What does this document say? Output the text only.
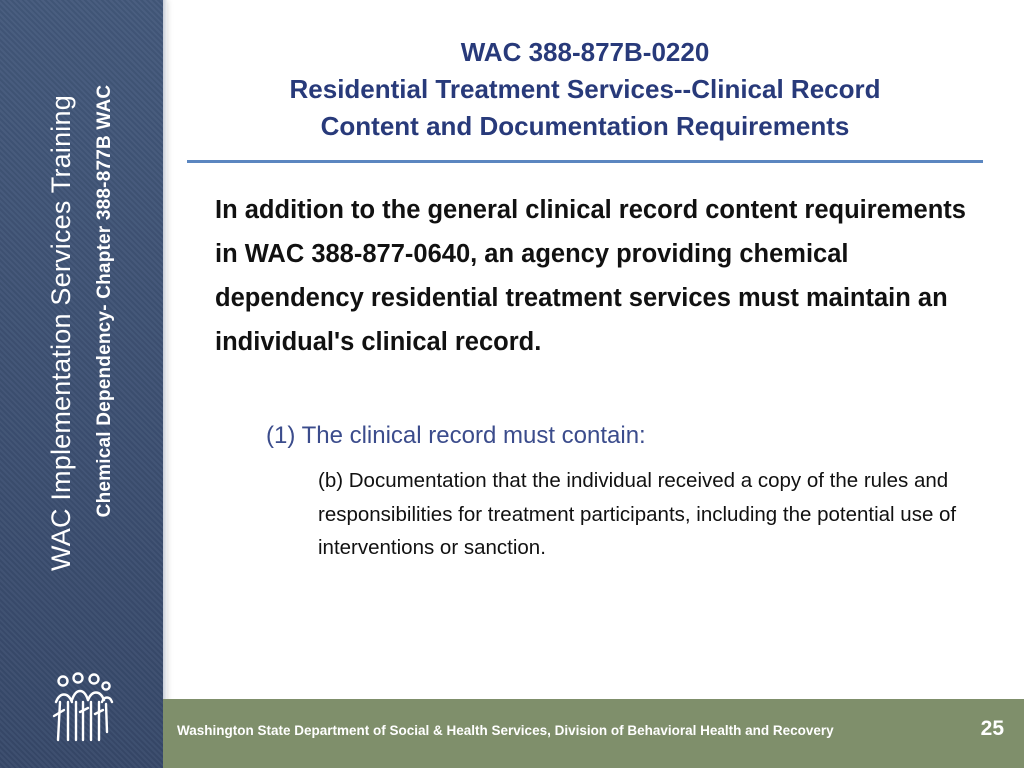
WAC Implementation Services Training Chemical Dependency- Chapter 388-877B WAC
WAC 388-877B-0220
Residential Treatment Services--Clinical Record
Content and Documentation Requirements
In addition to the general clinical record content requirements in WAC 388-877-0640, an agency providing chemical dependency residential treatment services must maintain an individual's clinical record.
(1) The clinical record must contain:
(b) Documentation that the individual received a copy of the rules and responsibilities for treatment participants, including the potential use of interventions or sanction.
Washington State Department of Social & Health Services, Division of Behavioral Health and Recovery	25
